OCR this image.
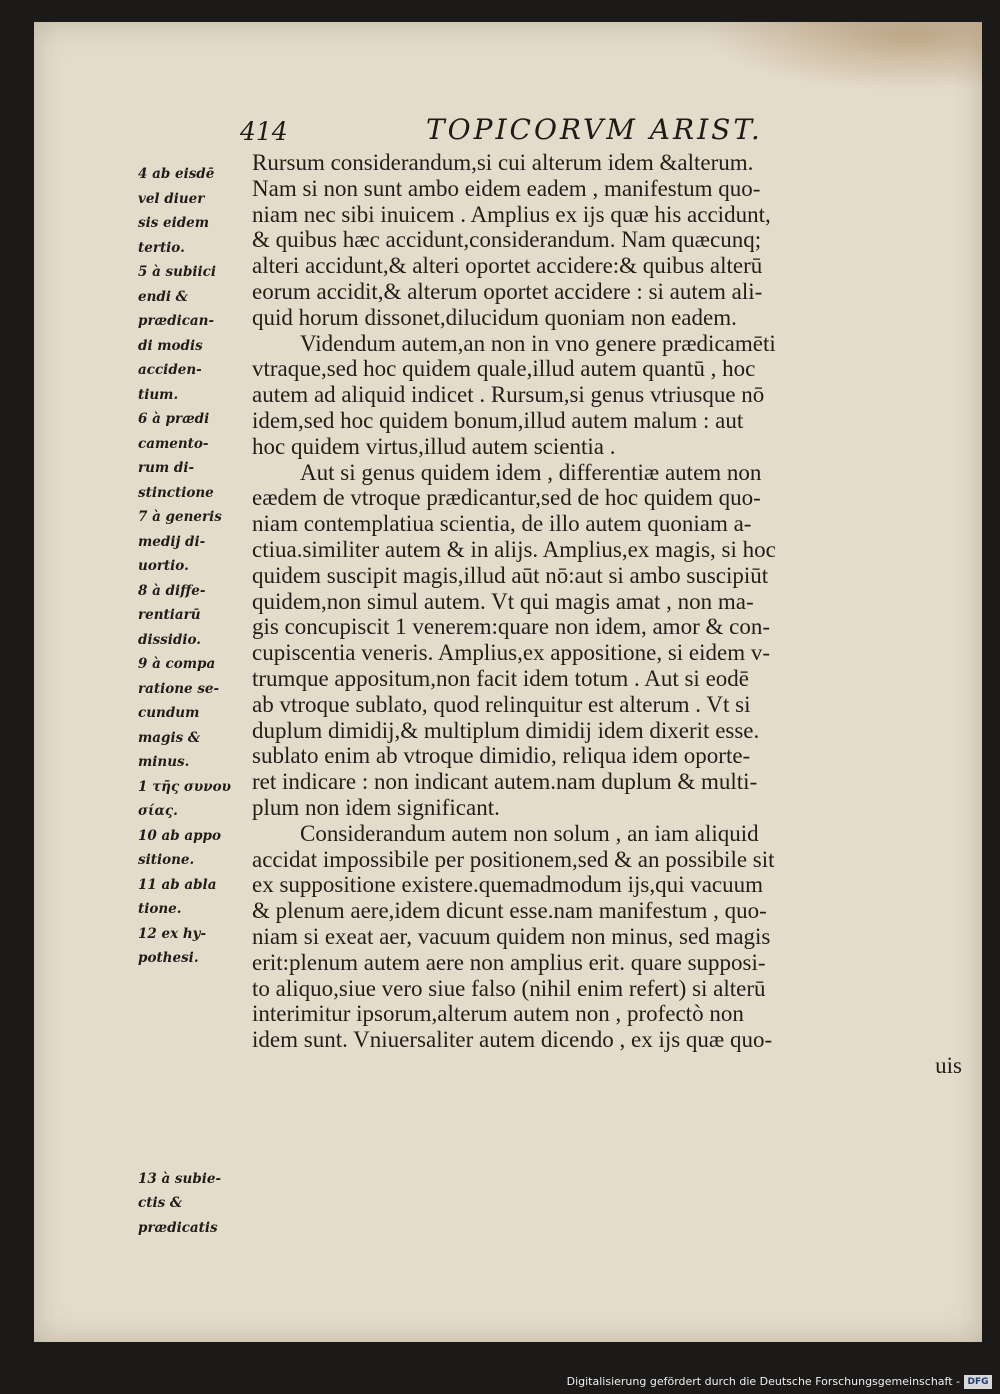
414	TOPICORVM ARIST.
4 ab eisdē
vel diuer
sis eidem
tertio.
5 à subiici
endi &
prædican-
di modis
acciden-
tium.
6 à prædi
camento-
rum di-
stinctione
7 à generis
medij di-
uortio.
8 à diffe-
rentiarū
dissidio.
9 à compa
ratione se-
cundum
magis &
minus.
1 τῆς συνου
σίας.
10 ab appo
sitione.
11 ab abla
tione.
12 ex hy-
pothesi.
13 à subie-
ctis &
prædicatis
Rursum considerandum,si cui alterum idem &alterum.
Nam si non sunt ambo eidem eadem , manifestum quo-
niam nec sibi inuicem . Amplius ex ijs quæ his accidunt,
& quibus hæc accidunt,considerandum. Nam quæcunq;
alteri accidunt,& alteri oportet accidere:& quibus alterū
eorum accidit,& alterum oportet accidere : si autem ali-
quid horum dissonet,dilucidum quoniam non eadem.
Videndum autem,an non in vno genere prædicamēti
vtraque,sed hoc quidem quale,illud autem quantū , hoc
autem ad aliquid indicet . Rursum,si genus vtriusque nō
idem,sed hoc quidem bonum,illud autem malum : aut
hoc quidem virtus,illud autem scientia .
Aut si genus quidem idem , differentiæ autem non
eædem de vtroque prædicantur,sed de hoc quidem quo-
niam contemplatiua scientia, de illo autem quoniam a-
ctiua.similiter autem & in alijs. Amplius,ex magis, si hoc
quidem suscipit magis,illud aūt nō:aut si ambo suscipiūt
quidem,non simul autem. Vt qui magis amat , non ma-
gis concupiscit 1 venerem:quare non idem, amor & con-
cupiscentia veneris. Amplius,ex appositione, si eidem v-
trumque appositum,non facit idem totum . Aut si eodē
ab vtroque sublato, quod relinquitur est alterum . Vt si
duplum dimidij,& multiplum dimidij idem dixerit esse.
sublato enim ab vtroque dimidio, reliqua idem oporte-
ret indicare : non indicant autem.nam duplum & multi-
plum non idem significant.
Considerandum autem non solum , an iam aliquid
accidat impossibile per positionem,sed & an possibile sit
ex suppositione existere.quemadmodum ijs,qui vacuum
& plenum aere,idem dicunt esse.nam manifestum , quo-
niam si exeat aer, vacuum quidem non minus, sed magis
erit:plenum autem aere non amplius erit. quare supposi-
to aliquo,siue vero siue falso (nihil enim refert) si alterū
interimitur ipsorum,alterum autem non , profectò non
idem sunt. Vniuersaliter autem dicendo , ex ijs quæ quo-
uis
Digitalisierung gefördert durch die Deutsche Forschungsgemeinschaft - DFG
